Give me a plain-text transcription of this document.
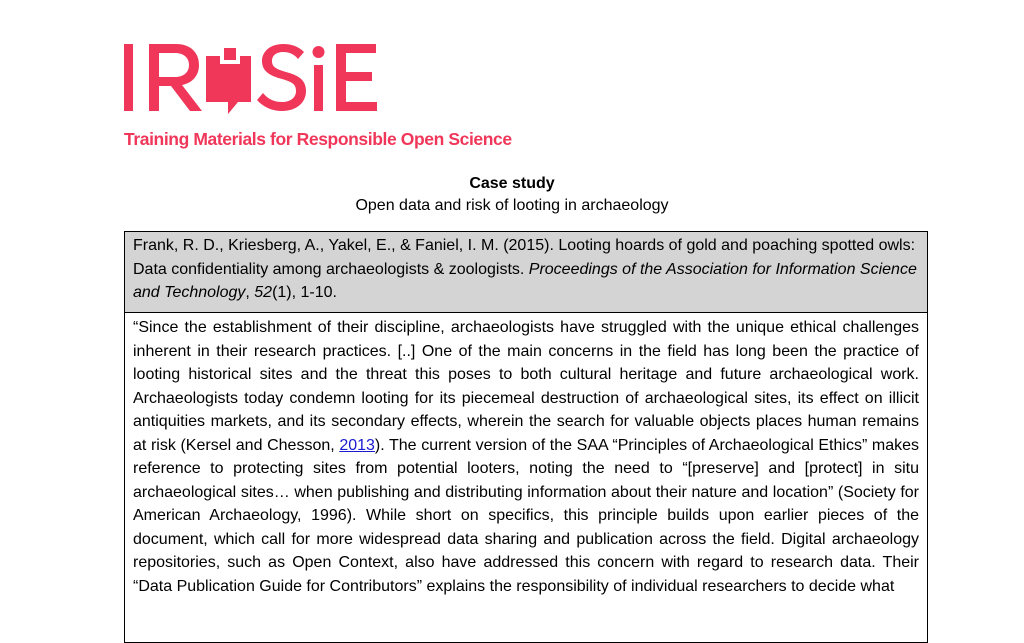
Training Materials for Responsible Open Science
Case study
Open data and risk of looting in archaeology
Frank, R. D., Kriesberg, A., Yakel, E., & Faniel, I. M. (2015). Looting hoards of gold and poaching spotted owls: Data confidentiality among archaeologists & zoologists. Proceedings of the Association for Information Science and Technology, 52(1), 1-10.
“Since the establishment of their discipline, archaeologists have struggled with the unique ethical challenges inherent in their research practices. [..] One of the main concerns in the field has long been the practice of looting historical sites and the threat this poses to both cultural heritage and future archaeological work. Archaeologists today condemn looting for its piecemeal destruction of archaeological sites, its effect on illicit antiquities markets, and its secondary effects, wherein the search for valuable objects places human remains at risk (Kersel and Chesson, 2013). The current version of the SAA “Principles of Archaeological Ethics” makes reference to protecting sites from potential looters, noting the need to “[preserve] and [protect] in situ archaeological sites… when publishing and distributing information about their nature and location” (Society for American Archaeology, 1996). While short on specifics, this principle builds upon earlier pieces of the document, which call for more widespread data sharing and publication across the field. Digital archaeology repositories, such as Open Context, also have addressed this concern with regard to research data. Their “Data Publication Guide for Contributors” explains the responsibility of individual researchers to decide what
